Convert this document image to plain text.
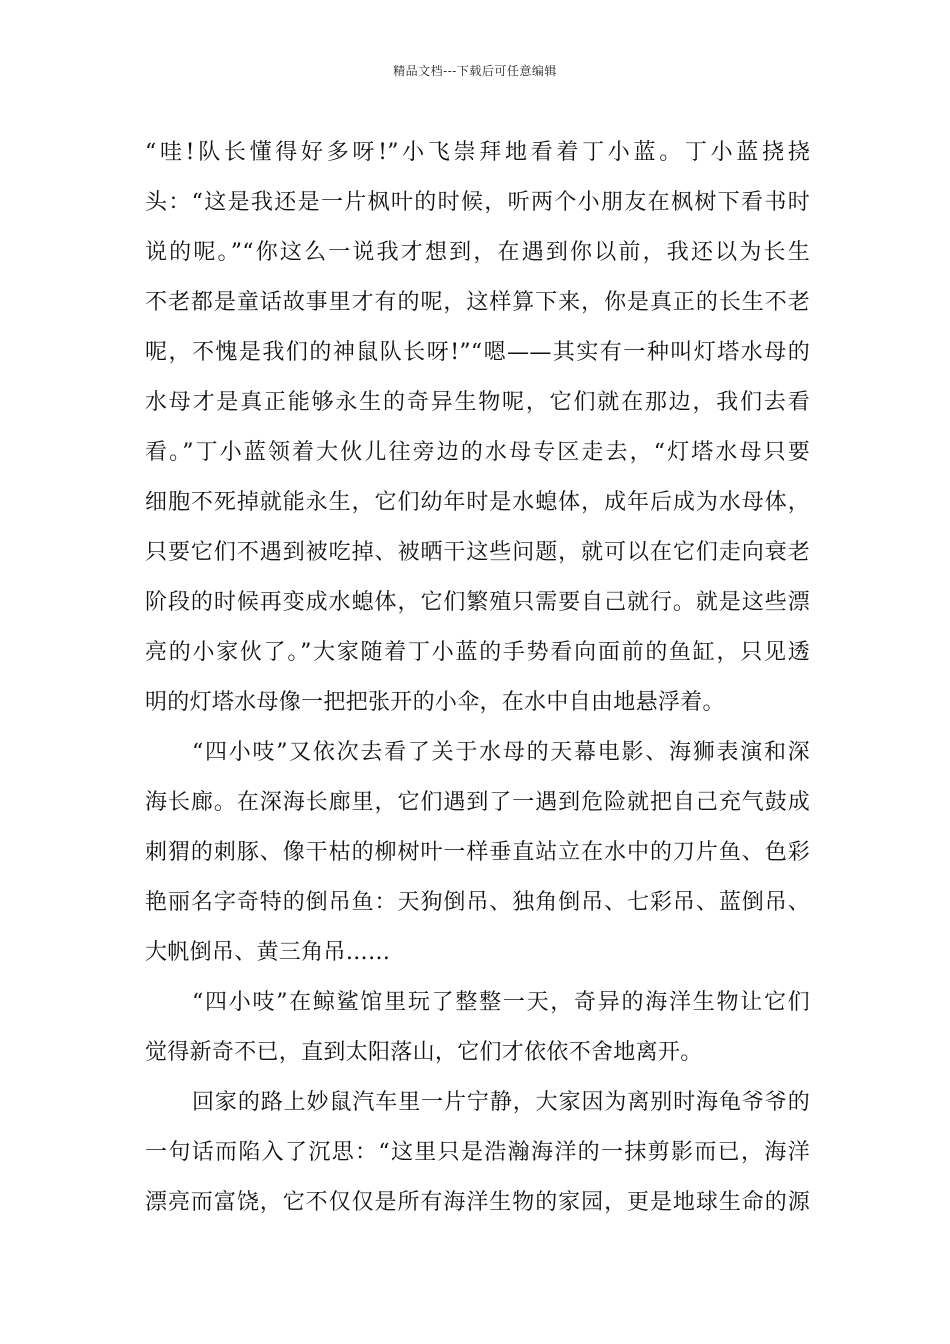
精品文档---下载后可任意编辑
“哇!队长懂得好多呀!”小飞崇拜地看着丁小蓝。丁小蓝挠挠
头：“这是我还是一片枫叶的时候，听两个小朋友在枫树下看书时
说的呢。”“你这么一说我才想到，在遇到你以前，我还以为长生
不老都是童话故事里才有的呢，这样算下来，你是真正的长生不老
呢，不愧是我们的神鼠队长呀!”“嗯——其实有一种叫灯塔水母的
水母才是真正能够永生的奇异生物呢，它们就在那边，我们去看
看。”丁小蓝领着大伙儿往旁边的水母专区走去，“灯塔水母只要
细胞不死掉就能永生，它们幼年时是水螅体，成年后成为水母体，
只要它们不遇到被吃掉、被晒干这些问题，就可以在它们走向衰老
阶段的时候再变成水螅体，它们繁殖只需要自己就行。就是这些漂
亮的小家伙了。”大家随着丁小蓝的手势看向面前的鱼缸，只见透
明的灯塔水母像一把把张开的小伞，在水中自由地悬浮着。
“四小吱”又依次去看了关于水母的天幕电影、海狮表演和深
海长廊。在深海长廊里，它们遇到了一遇到危险就把自己充气鼓成
刺猬的刺豚、像干枯的柳树叶一样垂直站立在水中的刀片鱼、色彩
艳丽名字奇特的倒吊鱼：天狗倒吊、独角倒吊、七彩吊、蓝倒吊、
大帆倒吊、黄三角吊……
“四小吱”在鲸鲨馆里玩了整整一天，奇异的海洋生物让它们
觉得新奇不已，直到太阳落山，它们才依依不舍地离开。
回家的路上妙鼠汽车里一片宁静，大家因为离别时海龟爷爷的
一句话而陷入了沉思：“这里只是浩瀚海洋的一抹剪影而已，海洋
漂亮而富饶，它不仅仅是所有海洋生物的家园，更是地球生命的源
